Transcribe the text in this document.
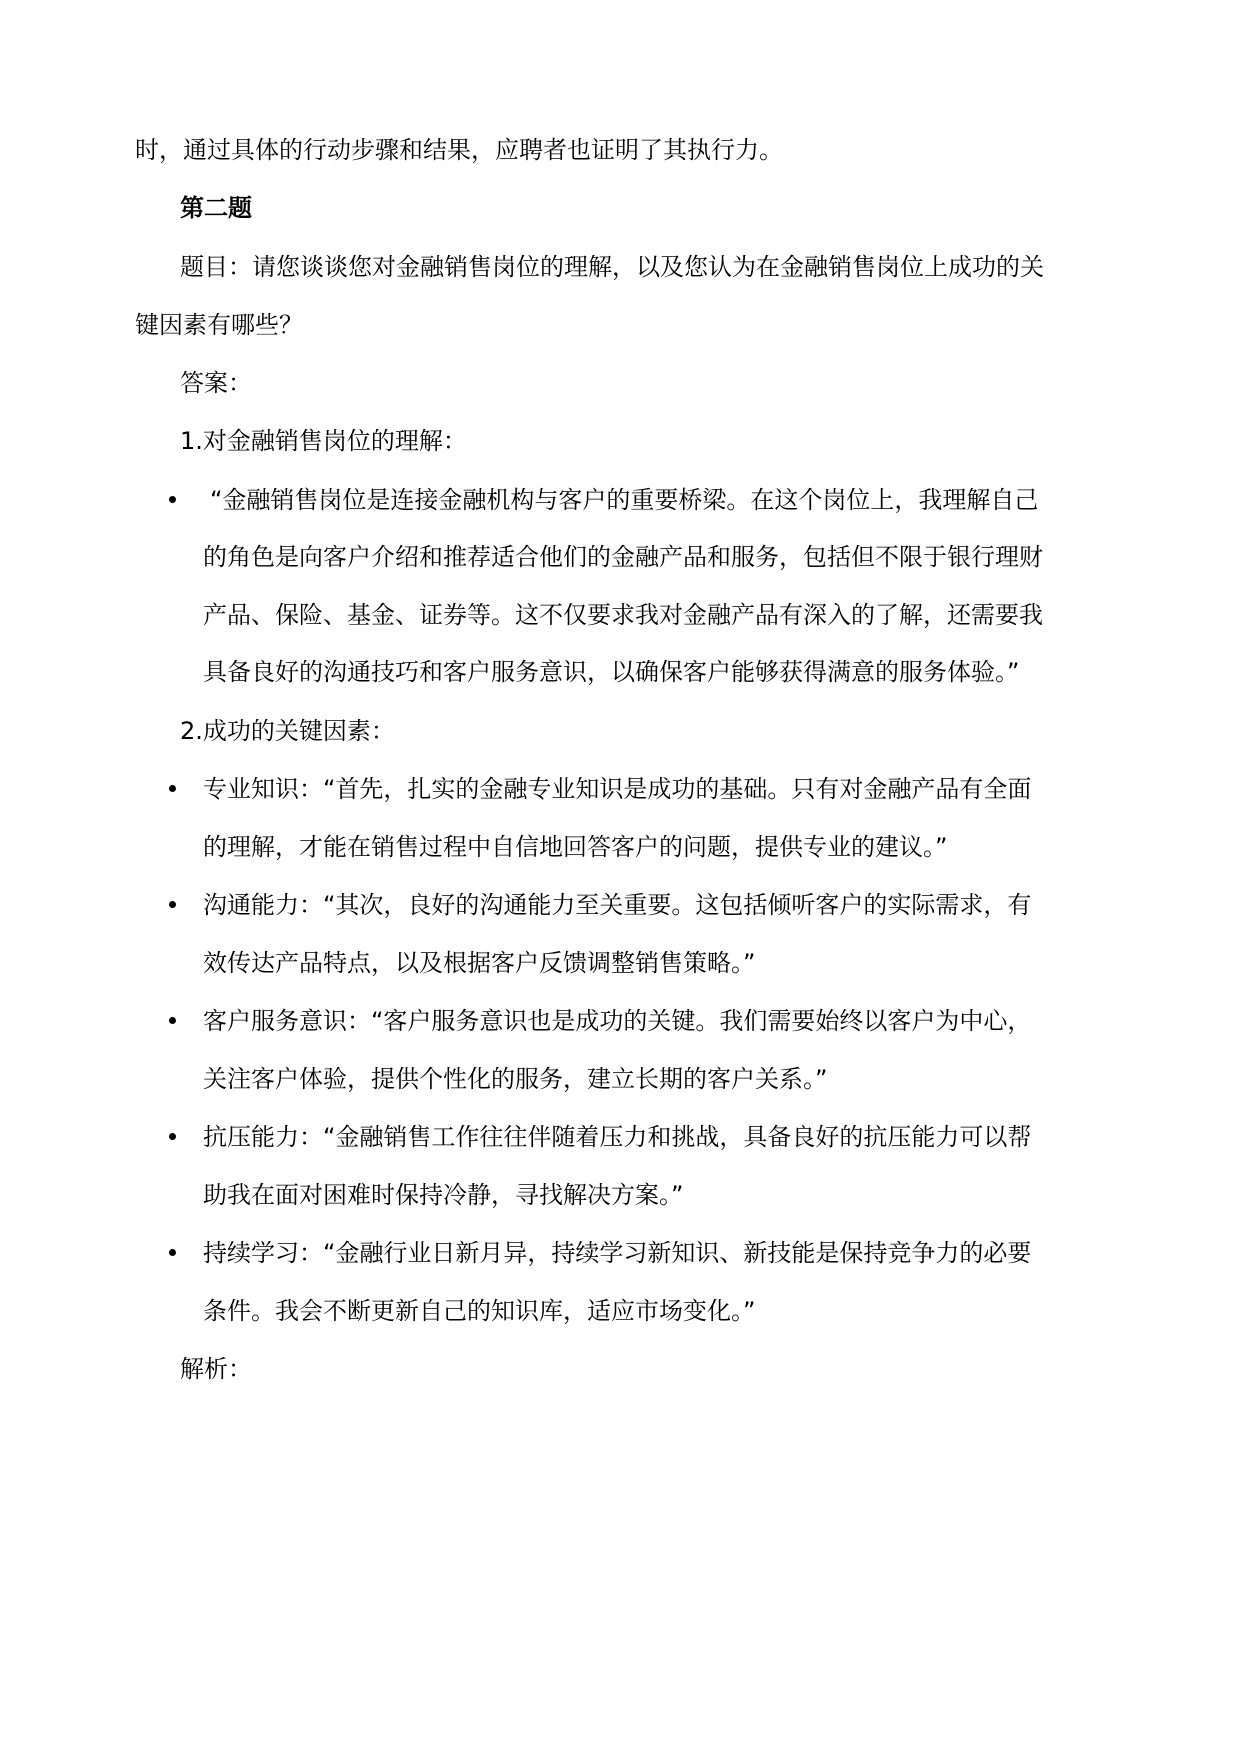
时，通过具体的行动步骤和结果，应聘者也证明了其执行力。
第二题
题目：请您谈谈您对金融销售岗位的理解，以及您认为在金融销售岗位上成功的关
键因素有哪些？
答案：
1.对金融销售岗位的理解：
“金融销售岗位是连接金融机构与客户的重要桥梁。在这个岗位上，我理解自己
的角色是向客户介绍和推荐适合他们的金融产品和服务，包括但不限于银行理财
产品、保险、基金、证券等。这不仅要求我对金融产品有深入的了解，还需要我
具备良好的沟通技巧和客户服务意识，以确保客户能够获得满意的服务体验。”
2.成功的关键因素：
专业知识：“首先，扎实的金融专业知识是成功的基础。只有对金融产品有全面
的理解，才能在销售过程中自信地回答客户的问题，提供专业的建议。”
沟通能力：“其次，良好的沟通能力至关重要。这包括倾听客户的实际需求，有
效传达产品特点，以及根据客户反馈调整销售策略。”
客户服务意识：“客户服务意识也是成功的关键。我们需要始终以客户为中心，
关注客户体验，提供个性化的服务，建立长期的客户关系。”
抗压能力：“金融销售工作往往伴随着压力和挑战，具备良好的抗压能力可以帮
助我在面对困难时保持冷静，寻找解决方案。”
持续学习：“金融行业日新月异，持续学习新知识、新技能是保持竞争力的必要
条件。我会不断更新自己的知识库，适应市场变化。”
解析：
